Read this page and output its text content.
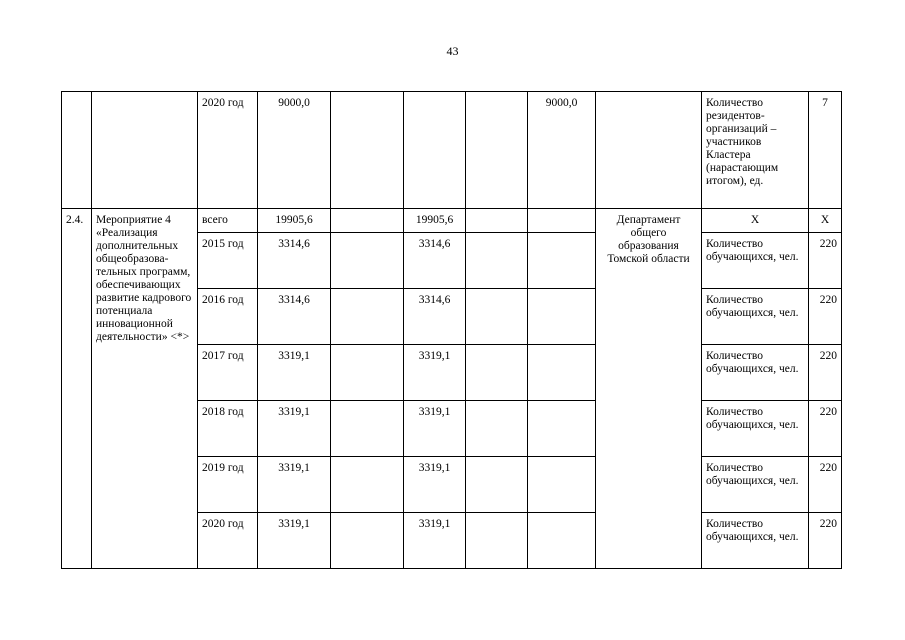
43
		2020 год	9000,0				9000,0		Количество резидентов-организаций – участников Кластера (нарастающим итогом), ед.	7
2.4.	Мероприятие 4 «Реализация дополнительных общеобразова-тельных программ, обеспечивающих развитие кадрового потенциала инновационной деятельности» <*>	всего	19905,6		19905,6			Департамент общего образования Томской области	Х	Х
		2015 год	3314,6		3314,6				Количество обучающихся, чел.	220
		2016 год	3314,6		3314,6				Количество обучающихся, чел.	220
		2017 год	3319,1		3319,1				Количество обучающихся, чел.	220
		2018 год	3319,1		3319,1				Количество обучающихся, чел.	220
		2019 год	3319,1		3319,1				Количество обучающихся, чел.	220
		2020 год	3319,1		3319,1				Количество обучающихся, чел.	220
